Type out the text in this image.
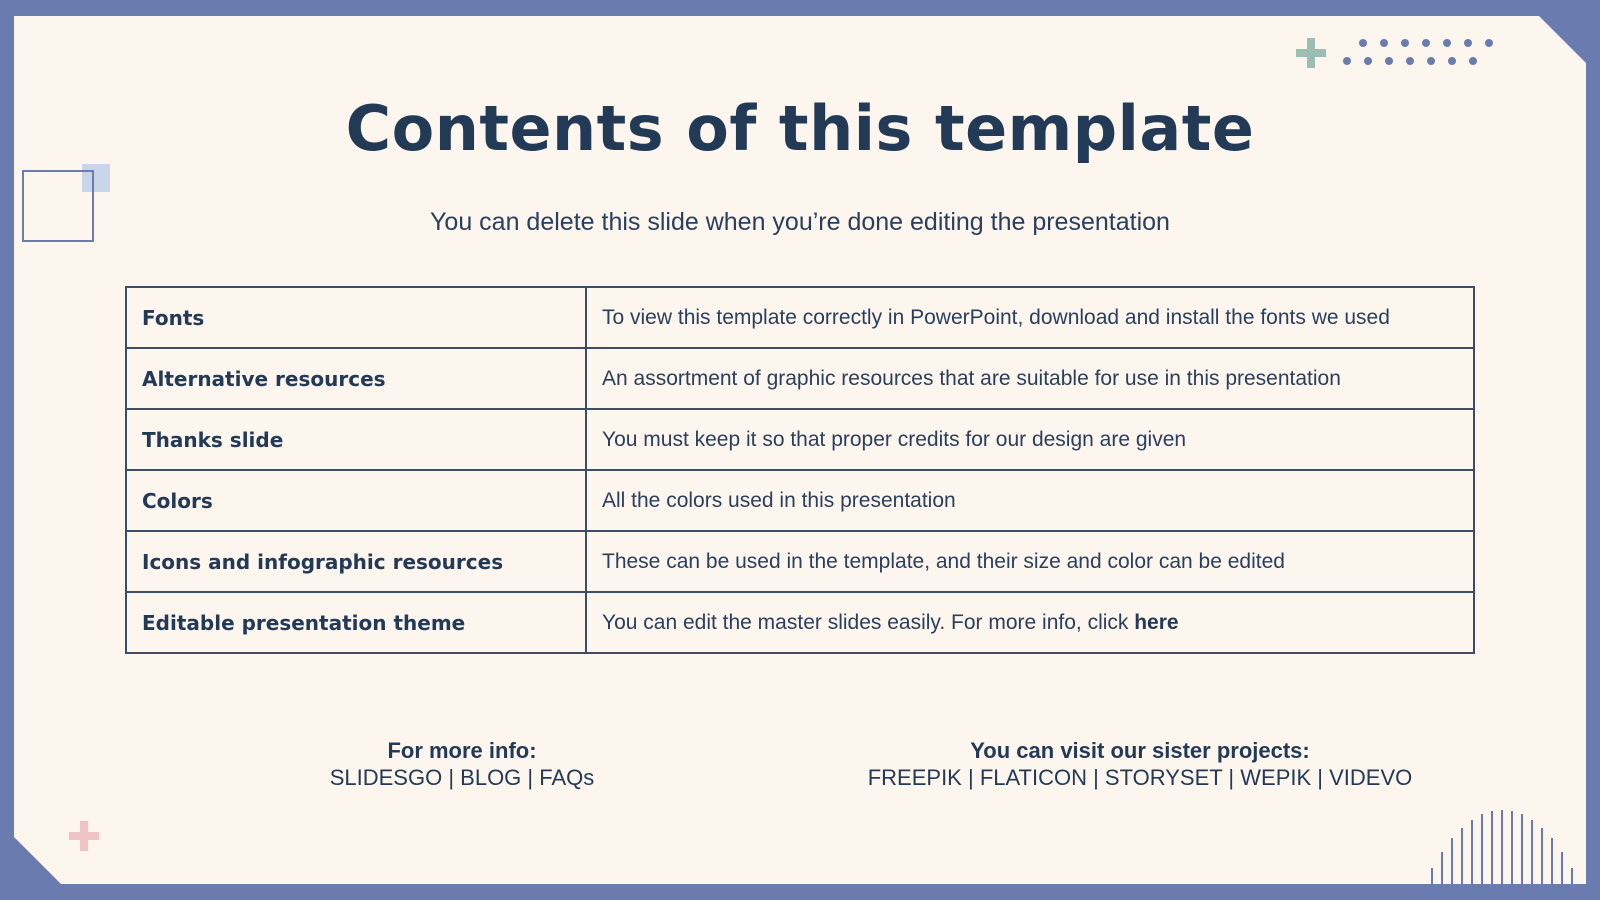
Contents of this template

You can delete this slide when you’re done editing the presentation

Fonts	To view this template correctly in PowerPoint, download and install the fonts we used
Alternative resources	An assortment of graphic resources that are suitable for use in this presentation
Thanks slide	You must keep it so that proper credits for our design are given
Colors	All the colors used in this presentation
Icons and infographic resources	These can be used in the template, and their size and color can be edited
Editable presentation theme	You can edit the master slides easily. For more info, click here
For more info:
SLIDESGO | BLOG | FAQs
You can visit our sister projects:
FREEPIK | FLATICON | STORYSET | WEPIK | VIDEVO
